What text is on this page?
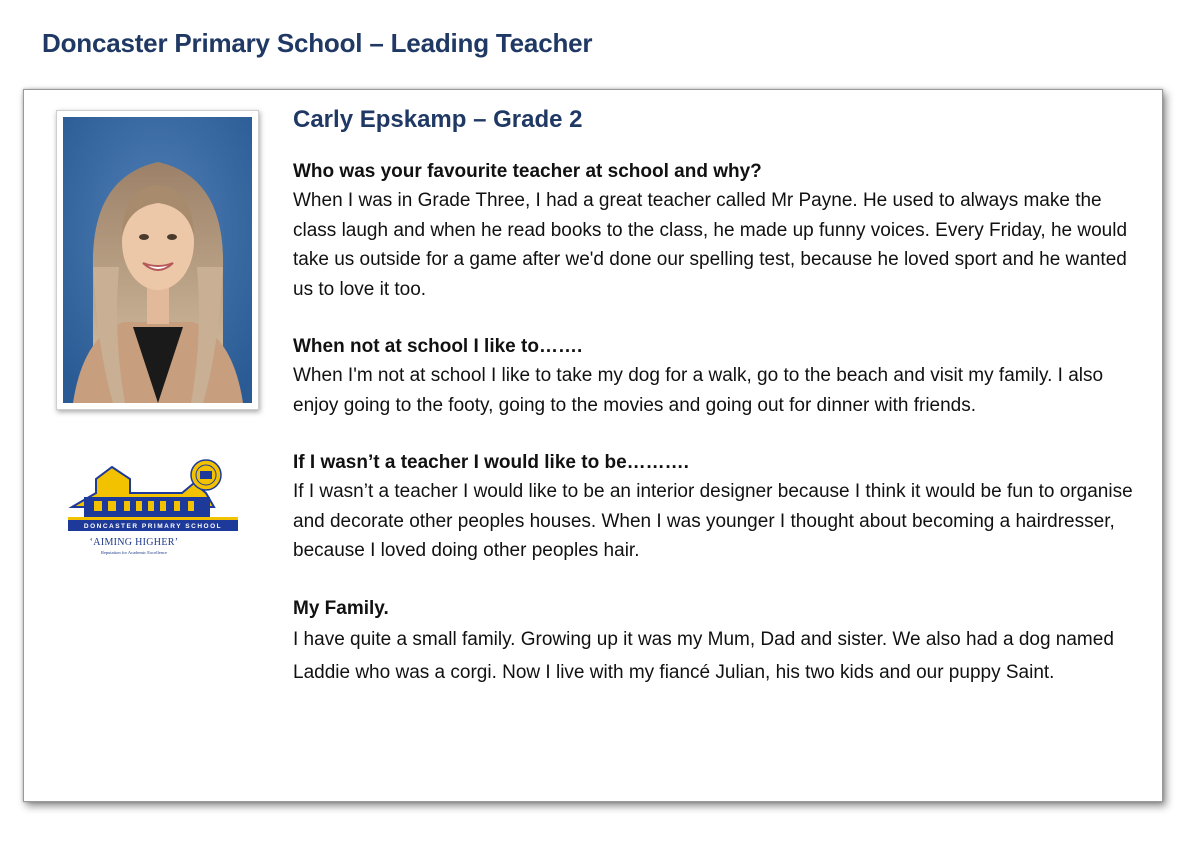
Doncaster Primary School – Leading Teacher
DONCASTER PRIMARY SCHOOL
‘AIMING HIGHER’
Reputation for Academic Excellence
Carly Epskamp – Grade 2

Who was your favourite teacher at school and why?

When I was in Grade Three, I had a great teacher called Mr Payne. He used to always make the class laugh and when he read books to the class, he made up funny voices. Every Friday, he would take us outside for a game after we'd done our spelling test, because he loved sport and he wanted us to love it too.

When not at school I like to…….

When I'm not at school I like to take my dog for a walk, go to the beach and visit my family. I also enjoy going to the footy, going to the movies and going out for dinner with friends.

If I wasn’t a teacher I would like to be……….

If I wasn’t a teacher I would like to be an interior designer because I think it would be fun to organise and decorate other peoples houses. When I was younger I thought about becoming a hairdresser, because I loved doing other peoples hair.

My Family.

I have quite a small family. Growing up it was my Mum, Dad and sister. We also had a dog named Laddie who was a corgi. Now I live with my fiancé Julian, his two kids and our puppy Saint.
